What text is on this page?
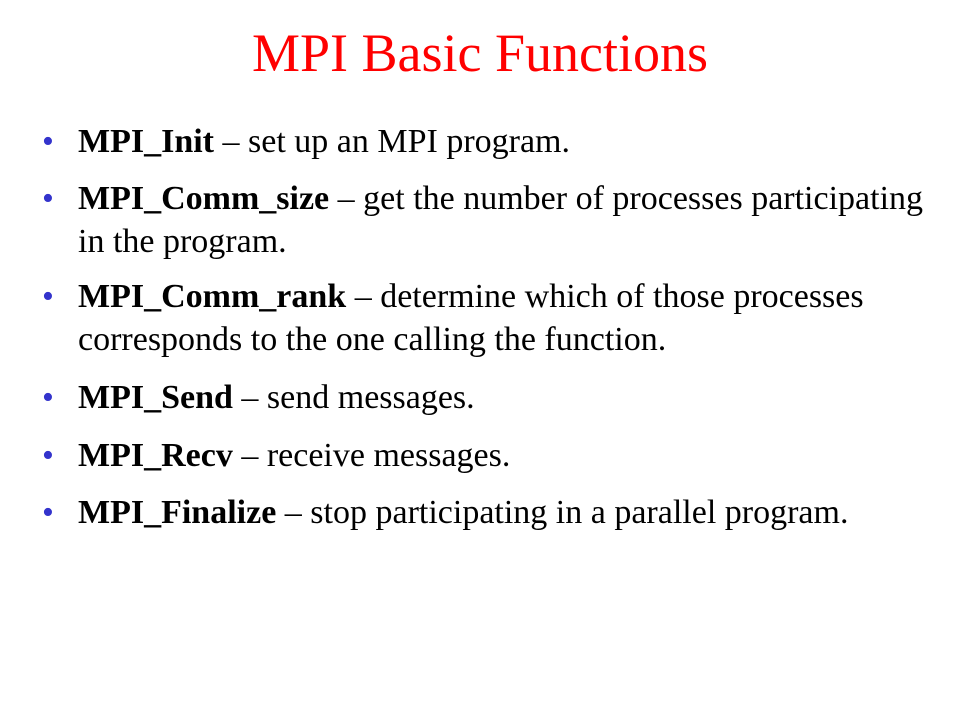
MPI Basic Functions
• MPI_Init – set up an MPI program.
• MPI_Comm_size – get the number of processes participating in the program.
• MPI_Comm_rank – determine which of those processes corresponds to the one calling the function.
• MPI_Send – send messages.
• MPI_Recv – receive messages.
• MPI_Finalize – stop participating in a parallel program.
